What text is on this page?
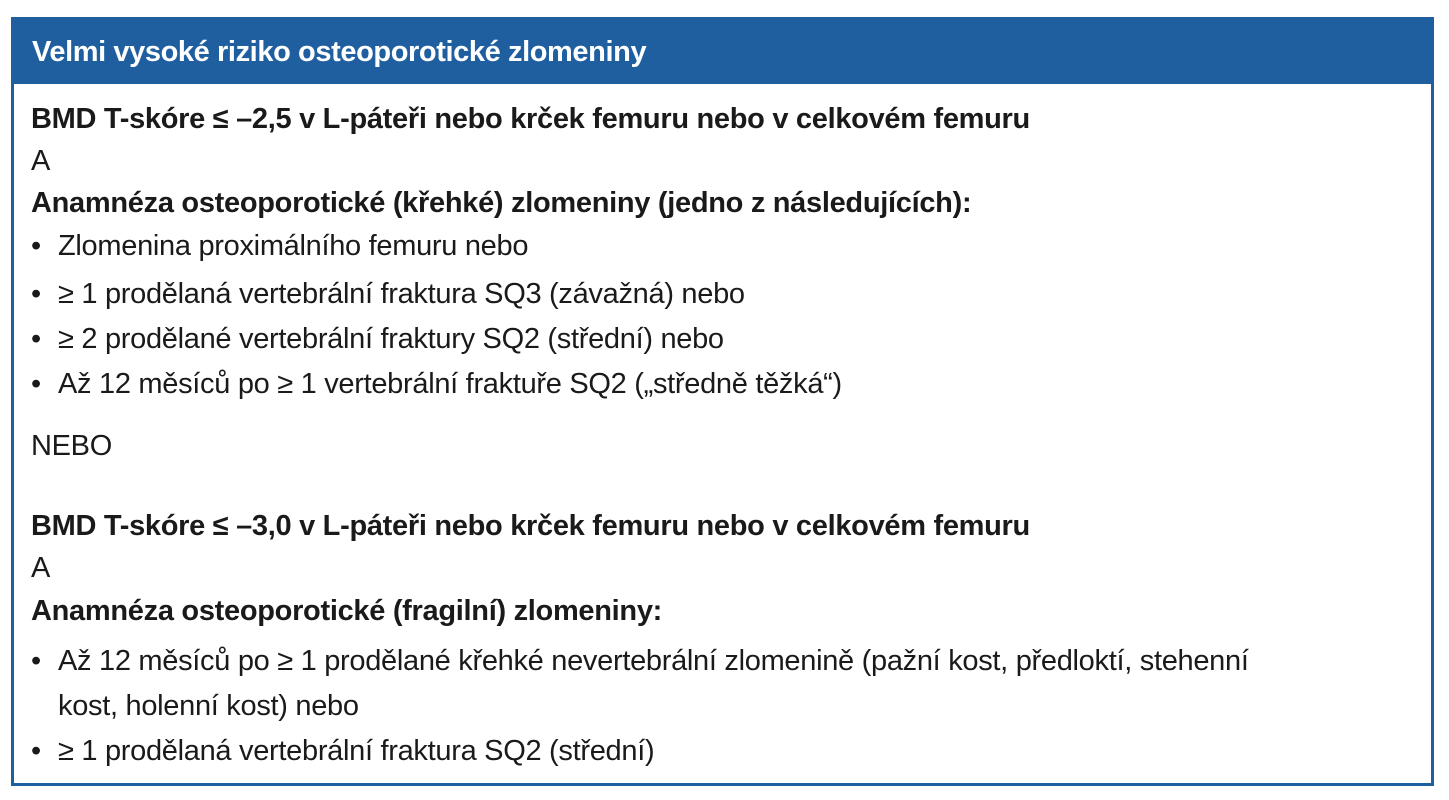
Velmi vysoké riziko osteoporotické zlomeniny
BMD T-skóre ≤ –2,5 v L-páteři nebo krček femuru nebo v celkovém femuru
A
Anamnéza osteoporotické (křehké) zlomeniny (jedno z následujících):
• Zlomenina proximálního femuru nebo
• ≥ 1 prodělaná vertebrální fraktura SQ3 (závažná) nebo
• ≥ 2 prodělané vertebrální fraktury SQ2 (střední) nebo
• Až 12 měsíců po ≥ 1 vertebrální fraktuře SQ2 („středně těžká“)
NEBO
BMD T-skóre ≤ –3,0 v L-páteři nebo krček femuru nebo v celkovém femuru
A
Anamnéza osteoporotické (fragilní) zlomeniny:
• Až 12 měsíců po ≥ 1 prodělané křehké nevertebrální zlomenině (pažní kost, předloktí, stehenní
kost, holenní kost) nebo
• ≥ 1 prodělaná vertebrální fraktura SQ2 (střední)
